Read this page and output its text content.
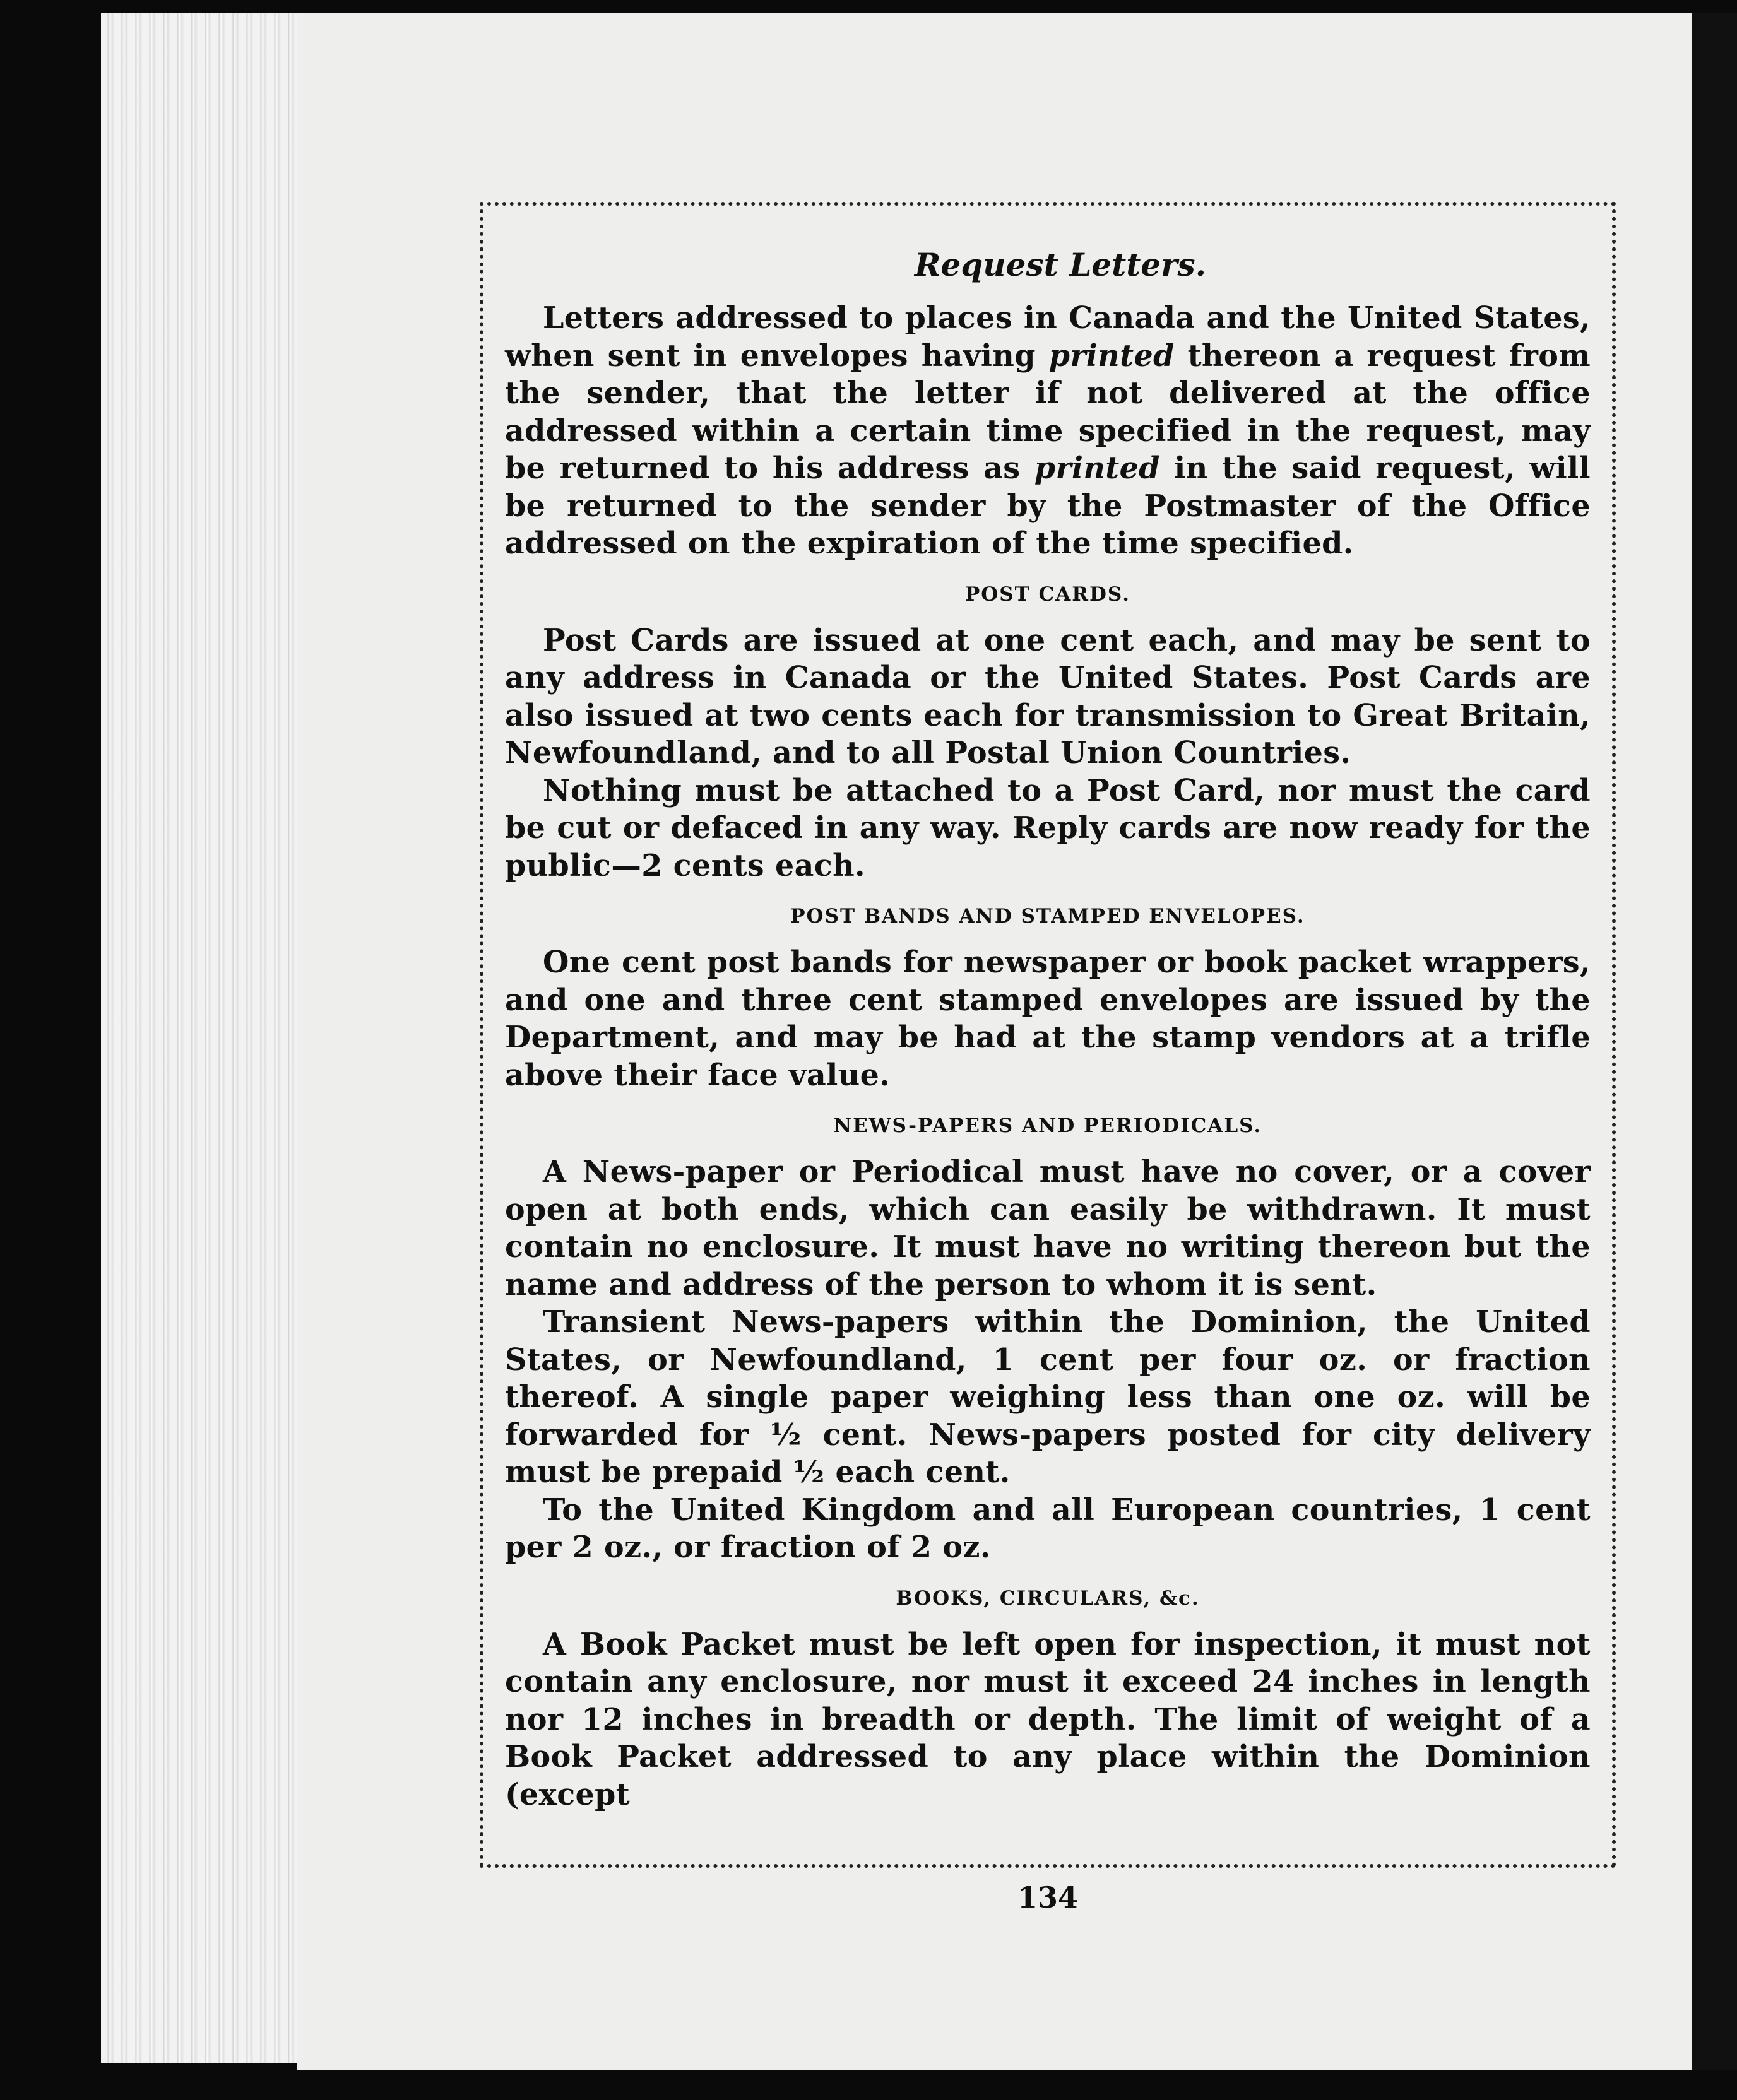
Request Letters.

Letters addressed to places in Canada and the United States, when sent in envelopes having printed thereon a request from the sender, that the letter if not delivered at the office addressed within a certain time specified in the request, may be returned to his address as printed in the said request, will be returned to the sender by the Postmaster of the Office addressed on the expiration of the time specified.

POST CARDS.

Post Cards are issued at one cent each, and may be sent to any address in Canada or the United States. Post Cards are also issued at two cents each for transmission to Great Britain, Newfoundland, and to all Postal Union Countries.

Nothing must be attached to a Post Card, nor must the card be cut or defaced in any way. Reply cards are now ready for the public—2 cents each.

POST BANDS AND STAMPED ENVELOPES.

One cent post bands for newspaper or book packet wrappers, and one and three cent stamped envelopes are issued by the Department, and may be had at the stamp vendors at a trifle above their face value.

NEWS-PAPERS AND PERIODICALS.

A News-paper or Periodical must have no cover, or a cover open at both ends, which can easily be withdrawn. It must contain no enclosure. It must have no writing thereon but the name and address of the person to whom it is sent.

Transient News-papers within the Dominion, the United States, or Newfoundland, 1 cent per four oz. or fraction thereof. A single paper weighing less than one oz. will be forwarded for ½ cent. News-papers posted for city delivery must be prepaid ½ each cent.

To the United Kingdom and all European countries, 1 cent per 2 oz., or fraction of 2 oz.

BOOKS, CIRCULARS, &c.

A Book Packet must be left open for inspection, it must not contain any enclosure, nor must it exceed 24 inches in length nor 12 inches in breadth or depth. The limit of weight of a Book Packet addressed to any place within the Dominion (except

134
